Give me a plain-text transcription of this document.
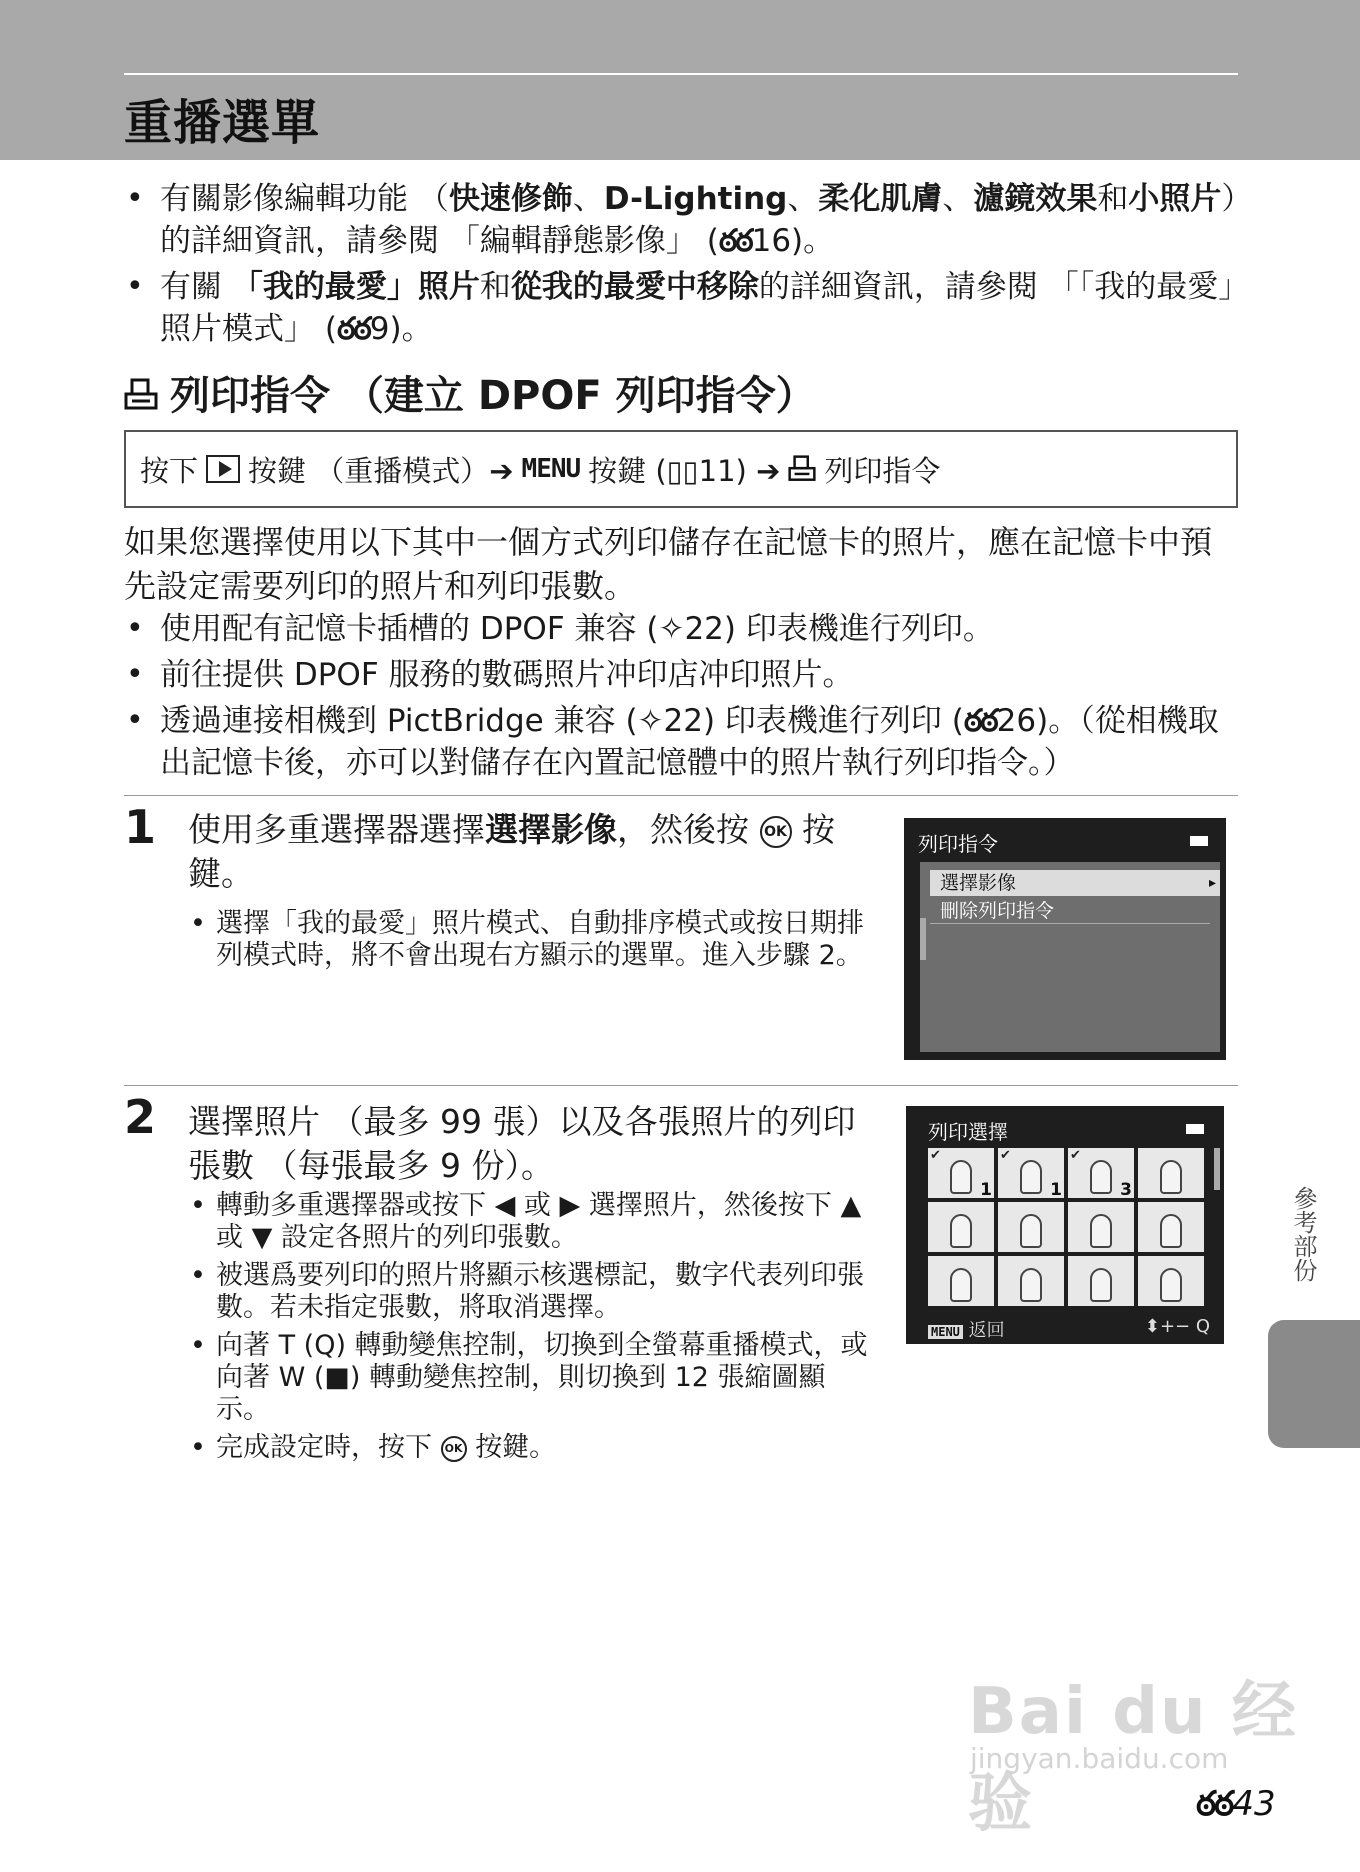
重播選單
• 有關影像編輯功能 （快速修飾、D-Lighting、柔化肌膚、濾鏡效果和小照片）的詳細資訊，請參閱 「編輯靜態影像」 (ఠఠ16)。
• 有關 「我的最愛」照片和從我的最愛中移除的詳細資訊，請參閱 「「我的最愛」照片模式」 (ఠఠ9)。
列印指令 （建立 DPOF 列印指令）
按下 按鍵 （重播模式）➔ MENU 按鍵 (▯▯11) ➔ 列印指令
如果您選擇使用以下其中一個方式列印儲存在記憶卡的照片，應在記憶卡中預先設定需要列印的照片和列印張數。
• 使用配有記憶卡插槽的 DPOF 兼容 (✧22) 印表機進行列印。
• 前往提供 DPOF 服務的數碼照片冲印店冲印照片。
• 透過連接相機到 PictBridge 兼容 (✧22) 印表機進行列印 (ఠఠ26)。（從相機取出記憶卡後，亦可以對儲存在內置記憶體中的照片執行列印指令。）
1 使用多重選擇器選擇選擇影像，然後按 OK 按鍵。
• 選擇「我的最愛」照片模式、自動排序模式或按日期排列模式時，將不會出現右方顯示的選單。進入步驟 2。
列印指令
選擇影像 ▸
刪除列印指令
2 選擇照片 （最多 99 張）以及各張照片的列印張數 （每張最多 9 份）。
• 轉動多重選擇器或按下 ◀ 或 ▶ 選擇照片，然後按下 ▲ 或 ▼ 設定各照片的列印張數。
• 被選爲要列印的照片將顯示核選標記，數字代表列印張數。若未指定張數，將取消選擇。
• 向著 T (Q) 轉動變焦控制，切換到全螢幕重播模式，或向著 W (■) 轉動變焦控制，則切換到 12 張縮圖顯示。
• 完成設定時，按下 OK 按鍵。
列印選擇
✔
1
✔
1
✔
3
MENU 返回	⬍+− Q
參考部份
Bai du 经验
jingyan.baidu.com
ఠఠ43
